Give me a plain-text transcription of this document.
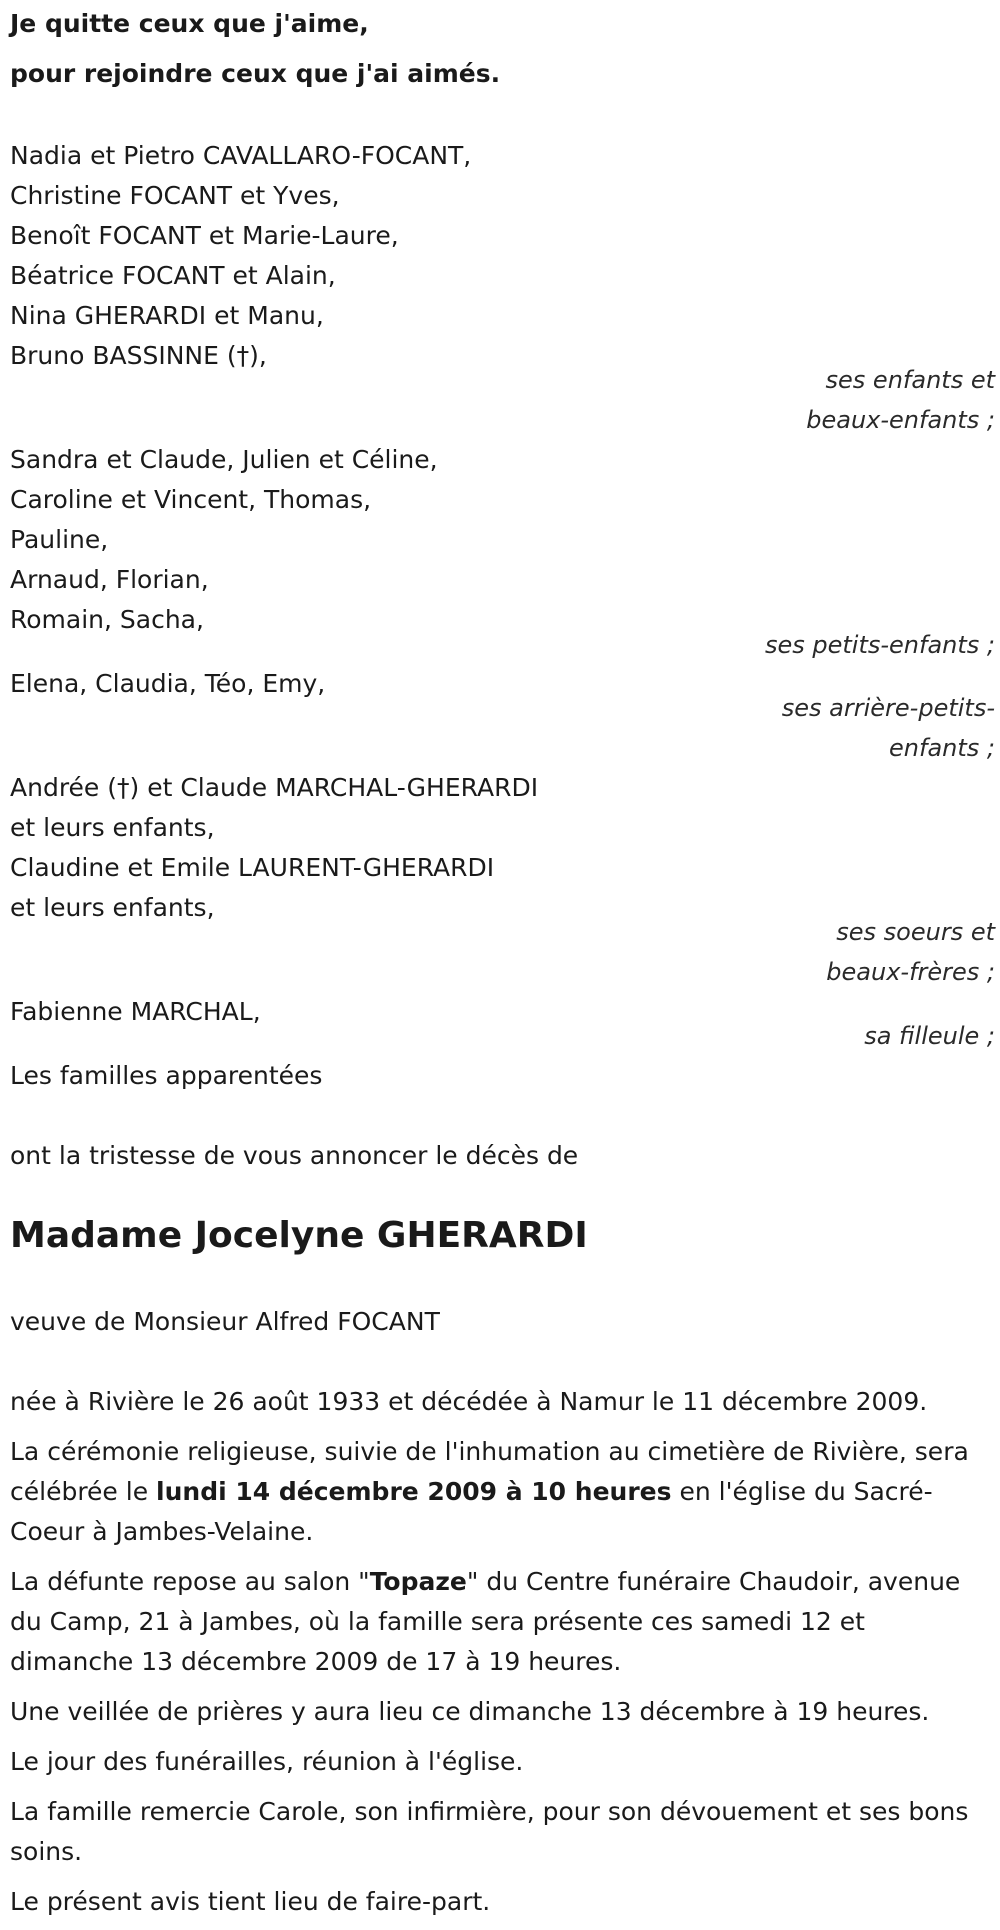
Je quitte ceux que j'aime,

pour rejoindre ceux que j'ai aimés.

Nadia et Pietro CAVALLARO-FOCANT,

Christine FOCANT et Yves,

Benoît FOCANT et Marie-Laure,

Béatrice FOCANT et Alain,

Nina GHERARDI et Manu,

Bruno BASSINNE (†),

ses enfants et

beaux-enfants ;

Sandra et Claude, Julien et Céline,

Caroline et Vincent, Thomas,

Pauline,

Arnaud, Florian,

Romain, Sacha,

ses petits-enfants ;

Elena, Claudia, Téo, Emy,

ses arrière-petits-

enfants ;

Andrée (†) et Claude MARCHAL-GHERARDI

et leurs enfants,

Claudine et Emile LAURENT-GHERARDI

et leurs enfants,

ses soeurs et

beaux-frères ;

Fabienne MARCHAL,

sa filleule ;

Les familles apparentées

ont la tristesse de vous annoncer le décès de

Madame Jocelyne GHERARDI

veuve de Monsieur Alfred FOCANT

née à Rivière le 26 août 1933 et décédée à Namur le 11 décembre 2009.

La cérémonie religieuse, suivie de l'inhumation au cimetière de Rivière, sera célébrée le lundi 14 décembre 2009 à 10 heures en l'église du Sacré-Coeur à Jambes-Velaine.

La défunte repose au salon "Topaze" du Centre funéraire Chaudoir, avenue du Camp, 21 à Jambes, où la famille sera présente ces samedi 12 et dimanche 13 décembre 2009 de 17 à 19 heures.

Une veillée de prières y aura lieu ce dimanche 13 décembre à 19 heures.

Le jour des funérailles, réunion à l'église.

La famille remercie Carole, son infirmière, pour son dévouement et ses bons soins.

Le présent avis tient lieu de faire-part.
